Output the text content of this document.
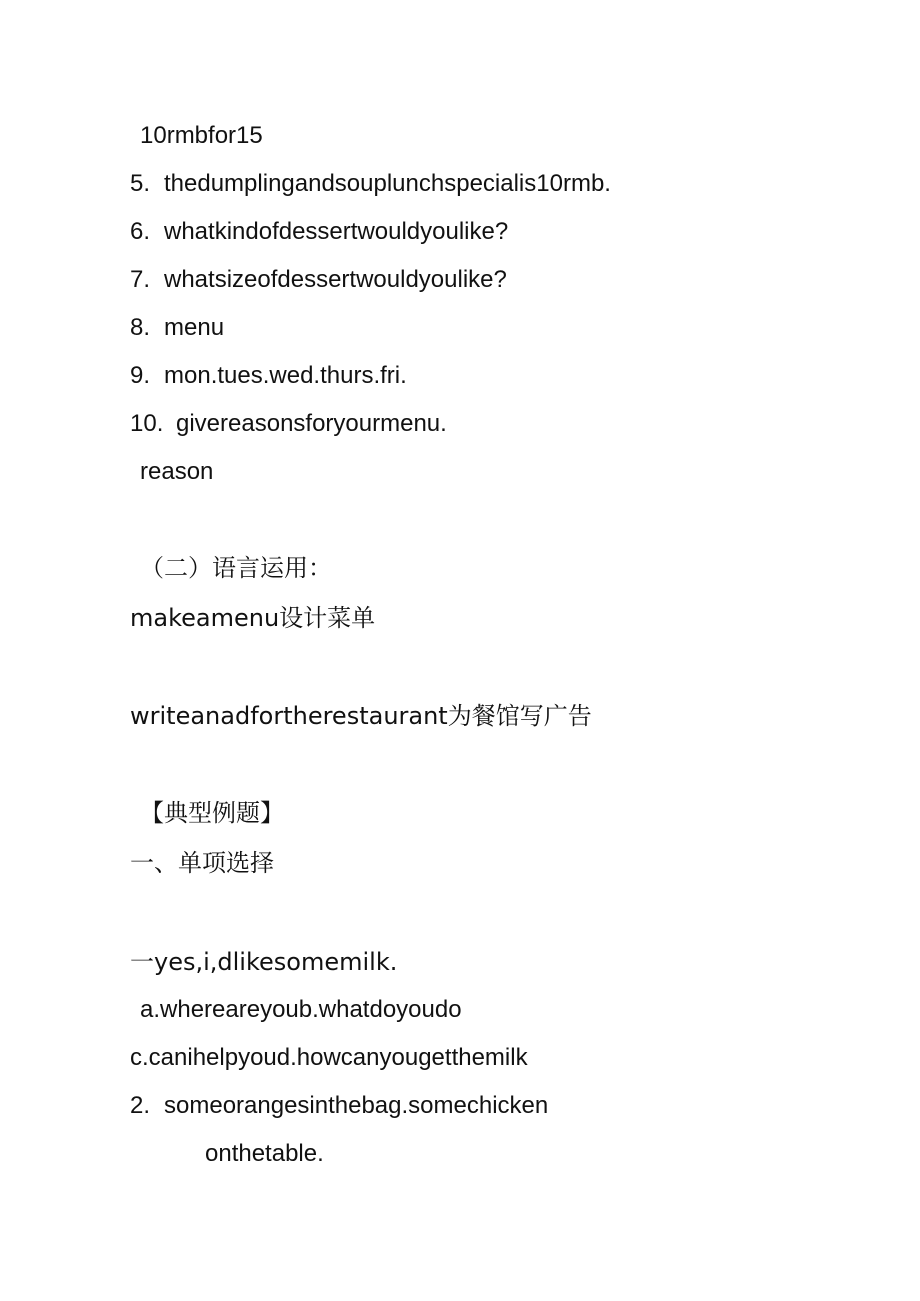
10rmbfor15
5. thedumplingandsouplunchspecialis10rmb.
6. whatkindofdessertwouldyoulike?
7. whatsizeofdessertwouldyoulike?
8. menu
9. mon.tues.wed.thurs.fri.
10. givereasonsforyourmenu.
reason
（二）语言运用：
makeamenu设计菜单
writeanadfortherestaurant为餐馆写广告
【典型例题】
一、单项选择
一yes,i,dlikesomemilk.
a.whereareyoub.whatdoyoudo
c.canihelpyoud.howcanyougetthemilk
2. someorangesinthebag.somechicken
onthetable.
